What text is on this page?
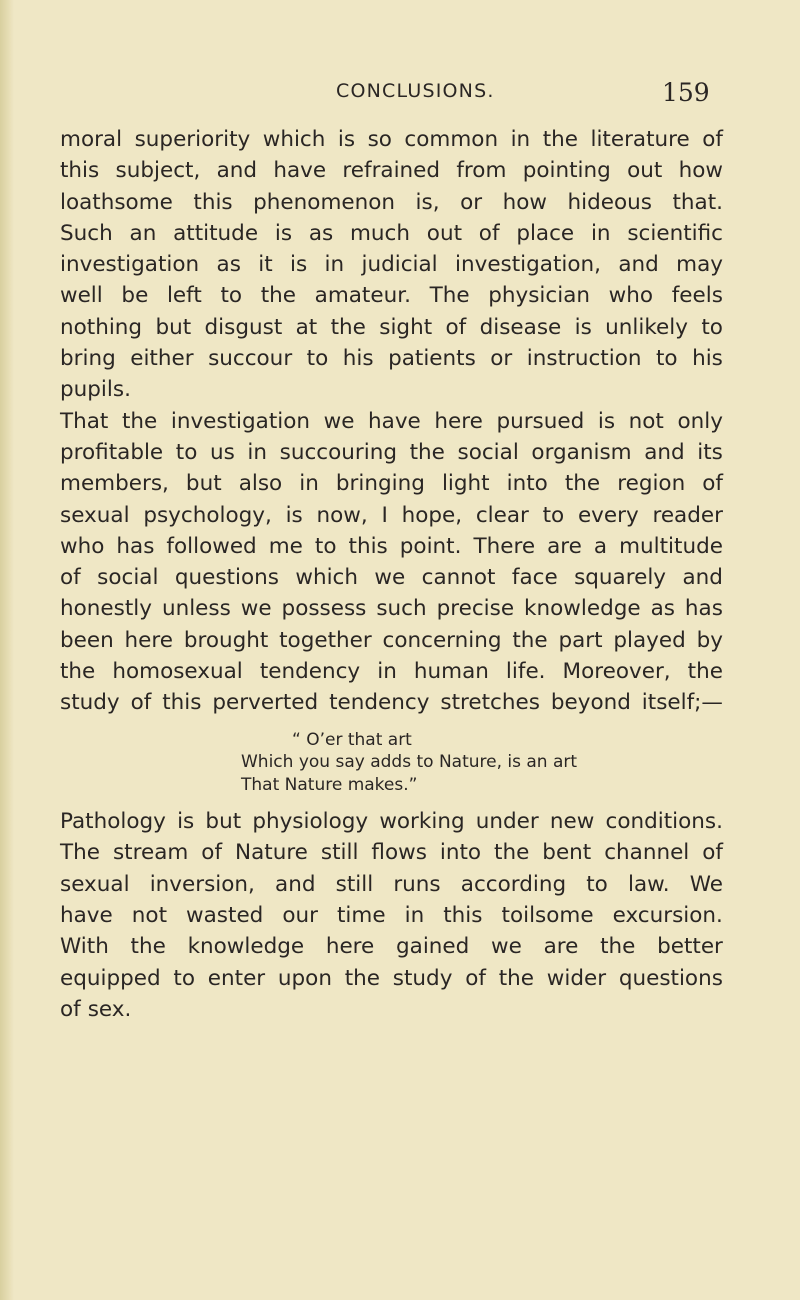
CONCLUSIONS.	159
moral superiority which is so common in the literature of
this subject, and have refrained from pointing out how
loathsome this phenomenon is, or how hideous that.
Such an attitude is as much out of place in scientific
investigation as it is in judicial investigation, and may
well be left to the amateur. The physician who feels
nothing but disgust at the sight of disease is unlikely to
bring either succour to his patients or instruction to his
pupils.
That the investigation we have here pursued is not only
profitable to us in succouring the social organism and its
members, but also in bringing light into the region of
sexual psychology, is now, I hope, clear to every reader
who has followed me to this point. There are a multitude
of social questions which we cannot face squarely and
honestly unless we possess such precise knowledge as has
been here brought together concerning the part played by
the homosexual tendency in human life. Moreover, the
study of this perverted tendency stretches beyond itself;—
“ O’er that art
Which you say adds to Nature, is an art
That Nature makes.”
Pathology is but physiology working under new conditions.
The stream of Nature still flows into the bent channel of
sexual inversion, and still runs according to law. We
have not wasted our time in this toilsome excursion.
With the knowledge here gained we are the better
equipped to enter upon the study of the wider questions
of sex.
